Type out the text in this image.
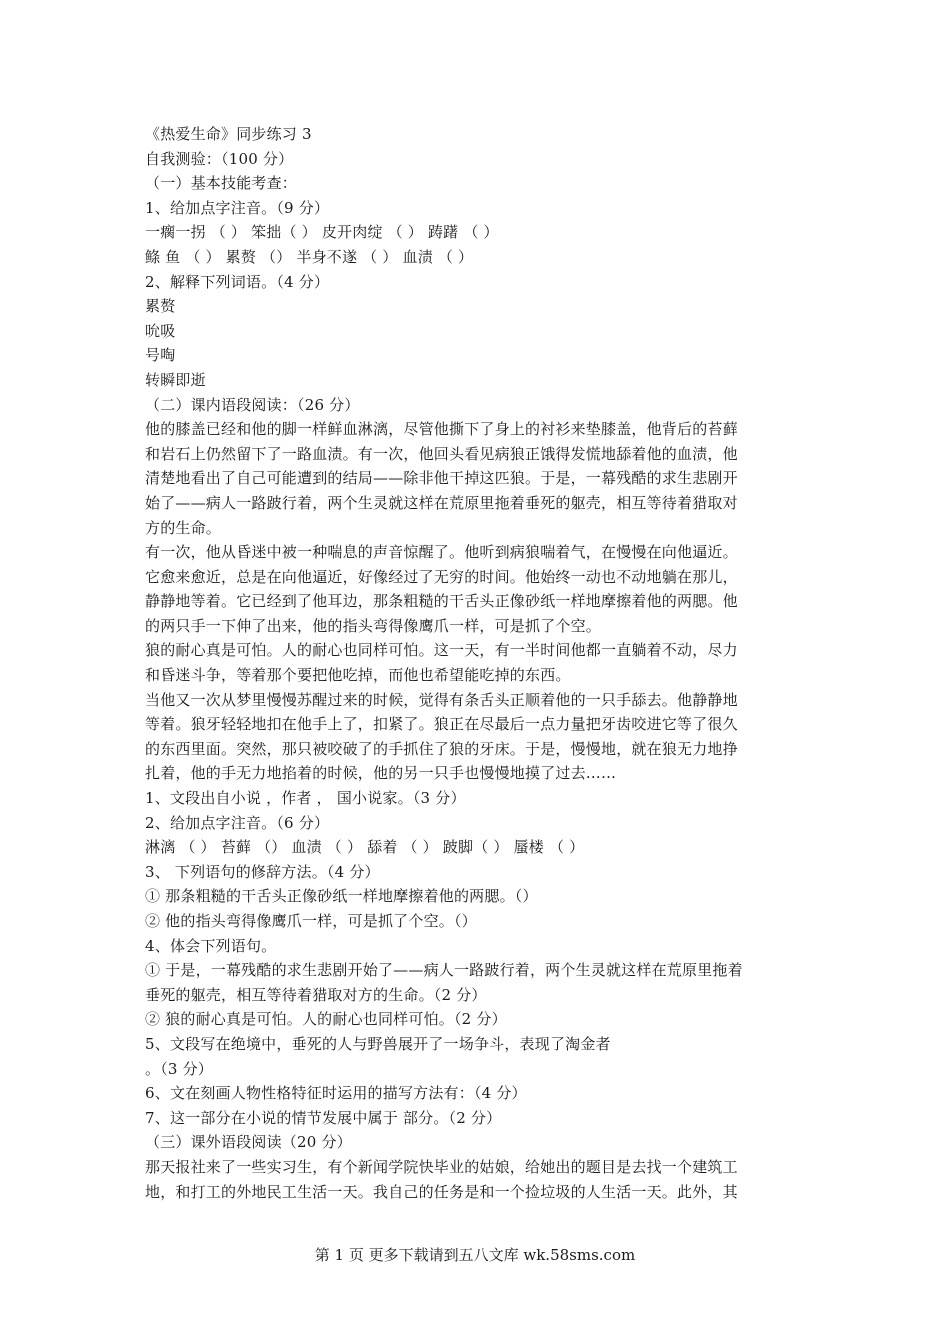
《热爱生命》同步练习 3
自我测验：（100 分）
（一）基本技能考查：
1、给加点字注音。（9 分）
一瘸一拐 （ ） 笨拙（ ） 皮开肉绽 （ ） 踌躇 （ ）
鲦 鱼 （ ） 累赘 （） 半身不遂 （ ） 血渍 （ ）
2、解释下列词语。（4 分）
累赘
吮吸
号啕
转瞬即逝
（二）课内语段阅读：（26 分）
他的膝盖已经和他的脚一样鲜血淋漓，尽管他撕下了身上的衬衫来垫膝盖，他背后的苔藓
和岩石上仍然留下了一路血渍。有一次，他回头看见病狼正饿得发慌地舔着他的血渍，他
清楚地看出了自己可能遭到的结局——除非他干掉这匹狼。于是，一幕残酷的求生悲剧开
始了——病人一路跛行着，两个生灵就这样在荒原里拖着垂死的躯壳，相互等待着猎取对
方的生命。
有一次，他从昏迷中被一种喘息的声音惊醒了。他听到病狼喘着气，在慢慢在向他逼近。
它愈来愈近，总是在向他逼近，好像经过了无穷的时间。他始终一动也不动地躺在那儿，
静静地等着。它已经到了他耳边，那条粗糙的干舌头正像砂纸一样地摩擦着他的两腮。他
的两只手一下伸了出来，他的指头弯得像鹰爪一样，可是抓了个空。
狼的耐心真是可怕。人的耐心也同样可怕。这一天，有一半时间他都一直躺着不动，尽力
和昏迷斗争，等着那个要把他吃掉，而他也希望能吃掉的东西。
当他又一次从梦里慢慢苏醒过来的时候，觉得有条舌头正顺着他的一只手舔去。他静静地
等着。狼牙轻轻地扣在他手上了，扣紧了。狼正在尽最后一点力量把牙齿咬进它等了很久
的东西里面。突然，那只被咬破了的手抓住了狼的牙床。于是，慢慢地，就在狼无力地挣
扎着，他的手无力地掐着的时候，他的另一只手也慢慢地摸了过去……
1、文段出自小说 ，作者 ， 国小说家。（3 分）
2、给加点字注音。（6 分）
淋漓 （ ） 苔藓 （） 血渍 （ ） 舔着 （ ） 跛脚（ ） 蜃楼 （ ）
3、 下列语句的修辞方法。（4 分）
① 那条粗糙的干舌头正像砂纸一样地摩擦着他的两腮。（）
② 他的指头弯得像鹰爪一样，可是抓了个空。（）
4、体会下列语句。
① 于是，一幕残酷的求生悲剧开始了——病人一路跛行着，两个生灵就这样在荒原里拖着
垂死的躯壳，相互等待着猎取对方的生命。（2 分）
② 狼的耐心真是可怕。人的耐心也同样可怕。（2 分）
5、文段写在绝境中，垂死的人与野兽展开了一场争斗，表现了淘金者
。（3 分）
6、文在刻画人物性格特征时运用的描写方法有：（4 分）
7、这一部分在小说的情节发展中属于 部分。（2 分）
（三）课外语段阅读（20 分）
那天报社来了一些实习生，有个新闻学院快毕业的姑娘，给她出的题目是去找一个建筑工
地，和打工的外地民工生活一天。我自己的任务是和一个捡垃圾的人生活一天。此外，其
第 1 页 更多下载请到五八文库 wk.58sms.com
